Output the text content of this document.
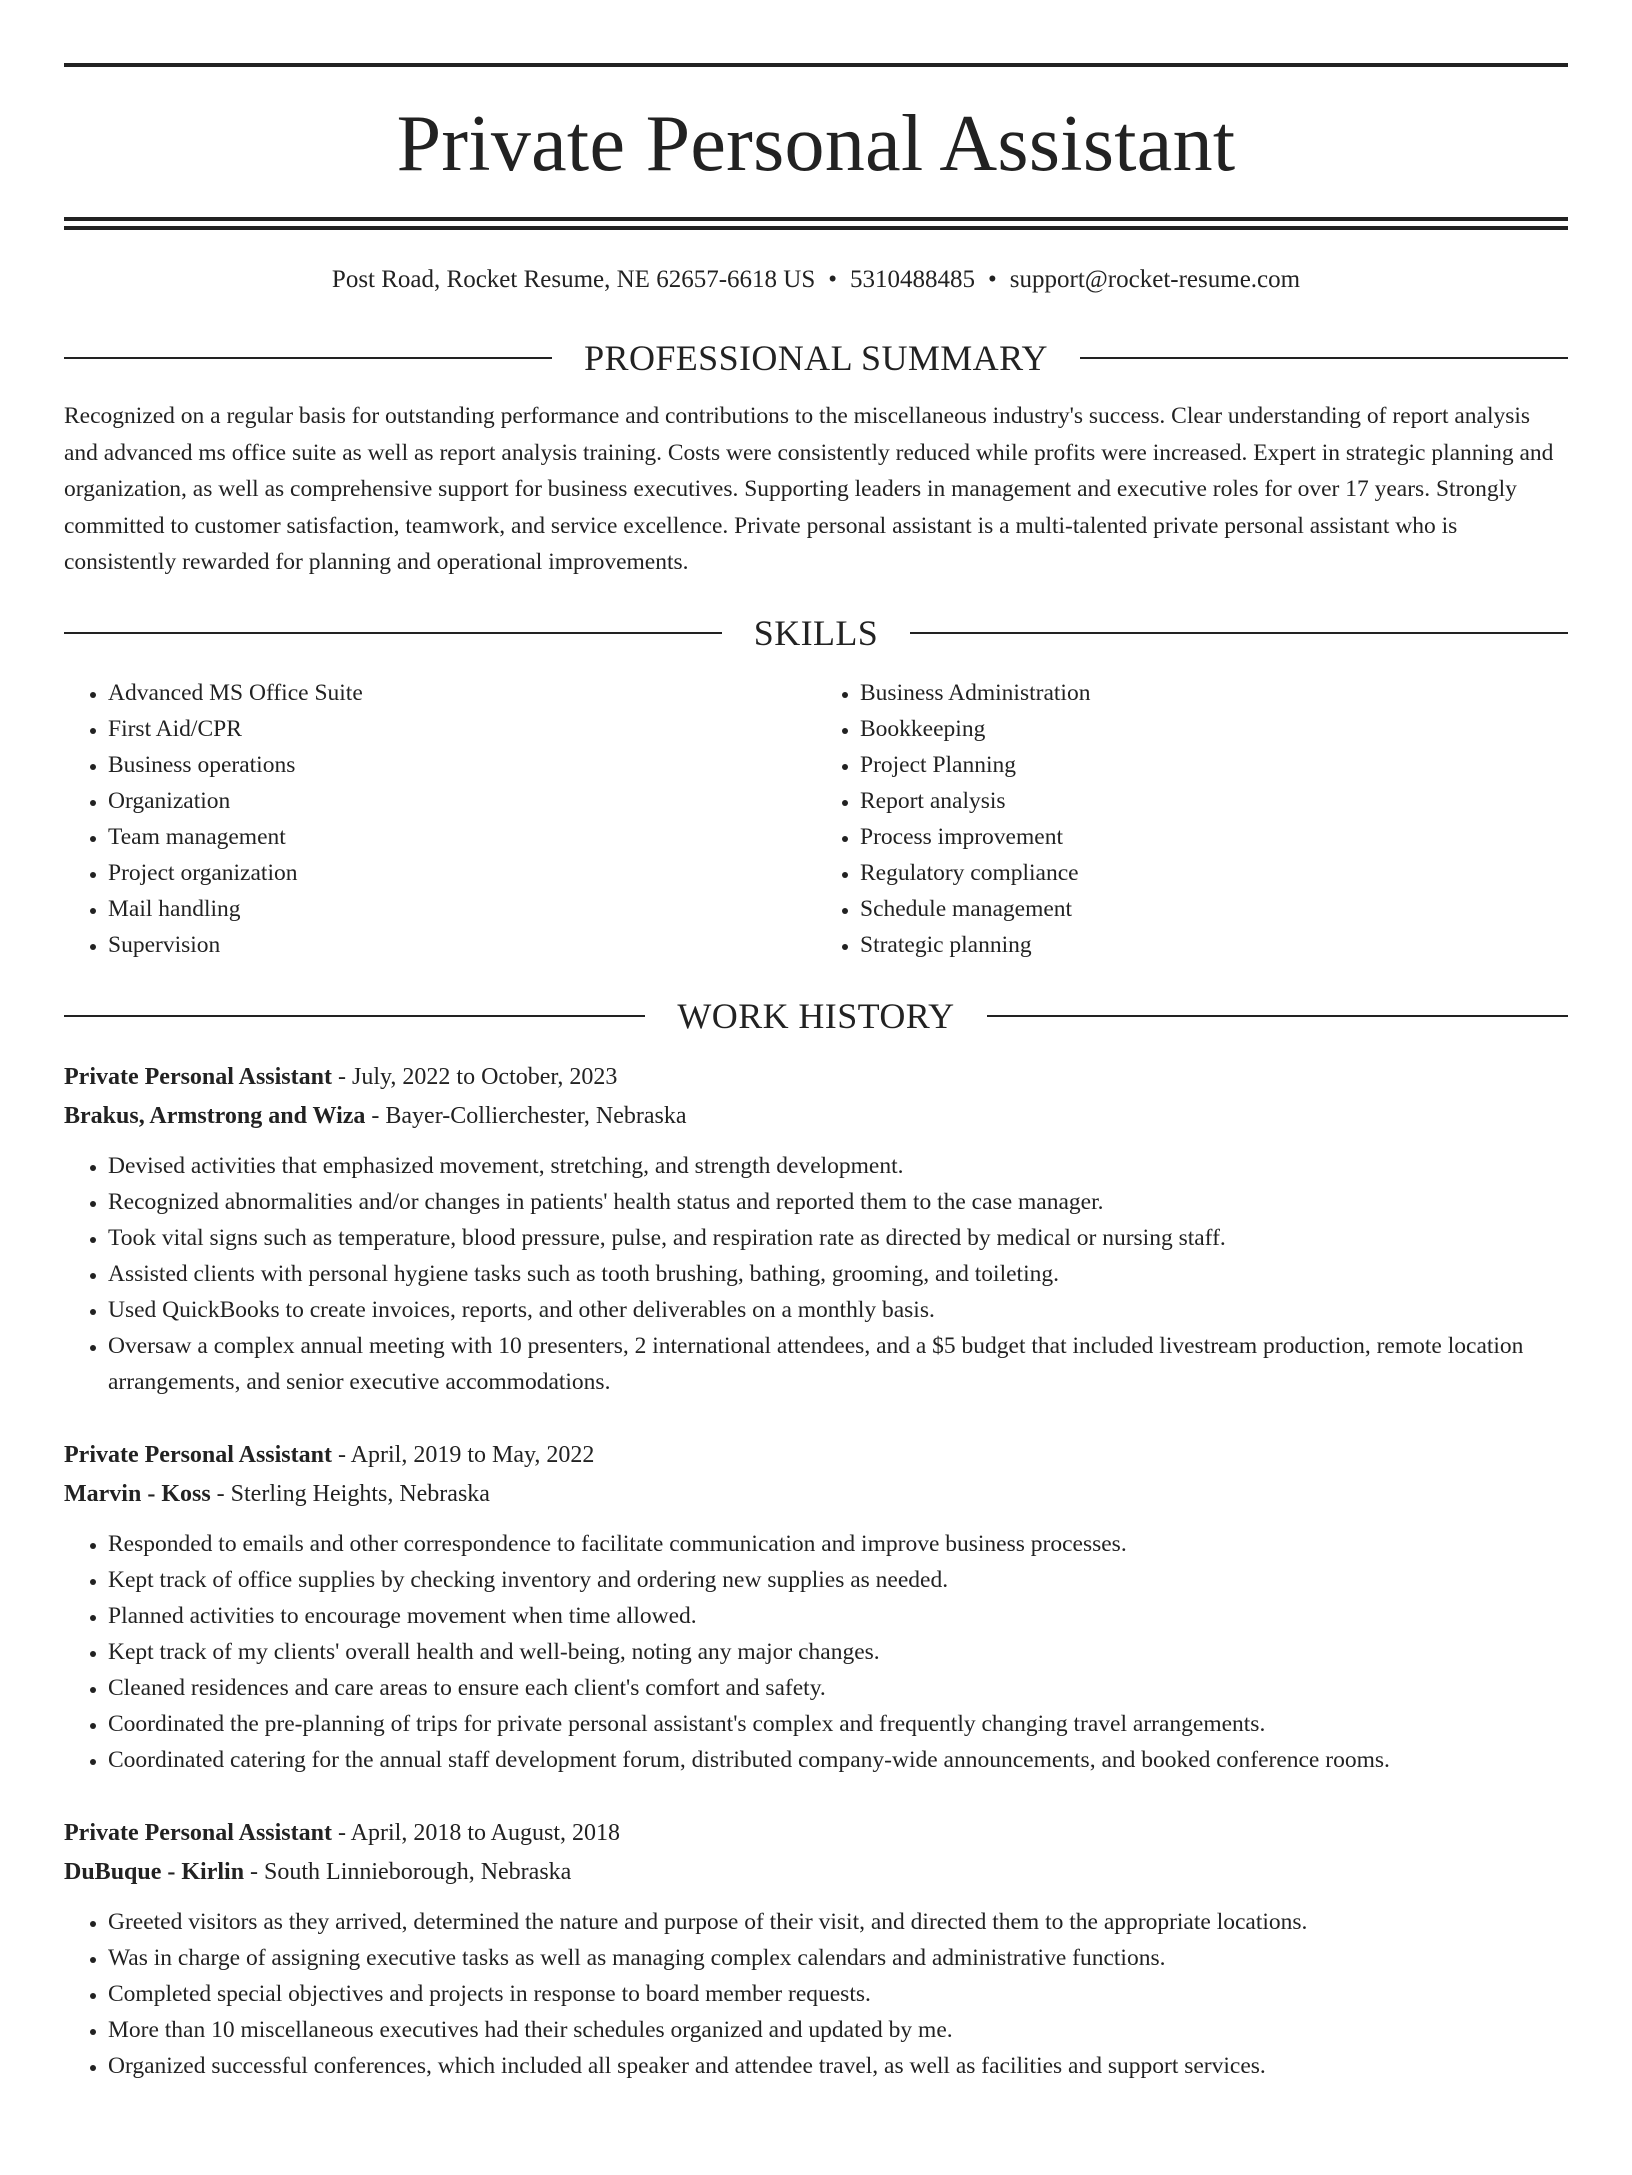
Private Personal Assistant
Post Road, Rocket Resume, NE 62657-6618 US • 5310488485 • support@rocket-resume.com
PROFESSIONAL SUMMARY

Recognized on a regular basis for outstanding performance and contributions to the miscellaneous industry's success. Clear understanding of report analysis and advanced ms office suite as well as report analysis training. Costs were consistently reduced while profits were increased. Expert in strategic planning and organization, as well as comprehensive support for business executives. Supporting leaders in management and executive roles for over 17 years. Strongly committed to customer satisfaction, teamwork, and service excellence. Private personal assistant is a multi-talented private personal assistant who is consistently rewarded for planning and operational improvements.

SKILLS
• Advanced MS Office Suite
• First Aid/CPR
• Business operations
• Organization
• Team management
• Project organization
• Mail handling
• Supervision
• Business Administration
• Bookkeeping
• Project Planning
• Report analysis
• Process improvement
• Regulatory compliance
• Schedule management
• Strategic planning
WORK HISTORY
Private Personal Assistant - July, 2022 to October, 2023
Brakus, Armstrong and Wiza - Bayer-Collierchester, Nebraska
• Devised activities that emphasized movement, stretching, and strength development.
• Recognized abnormalities and/or changes in patients' health status and reported them to the case manager.
• Took vital signs such as temperature, blood pressure, pulse, and respiration rate as directed by medical or nursing staff.
• Assisted clients with personal hygiene tasks such as tooth brushing, bathing, grooming, and toileting.
• Used QuickBooks to create invoices, reports, and other deliverables on a monthly basis.
• Oversaw a complex annual meeting with 10 presenters, 2 international attendees, and a $5 budget that included livestream production, remote location arrangements, and senior executive accommodations.
Private Personal Assistant - April, 2019 to May, 2022
Marvin - Koss - Sterling Heights, Nebraska
• Responded to emails and other correspondence to facilitate communication and improve business processes.
• Kept track of office supplies by checking inventory and ordering new supplies as needed.
• Planned activities to encourage movement when time allowed.
• Kept track of my clients' overall health and well-being, noting any major changes.
• Cleaned residences and care areas to ensure each client's comfort and safety.
• Coordinated the pre-planning of trips for private personal assistant's complex and frequently changing travel arrangements.
• Coordinated catering for the annual staff development forum, distributed company-wide announcements, and booked conference rooms.
Private Personal Assistant - April, 2018 to August, 2018
DuBuque - Kirlin - South Linnieborough, Nebraska
• Greeted visitors as they arrived, determined the nature and purpose of their visit, and directed them to the appropriate locations.
• Was in charge of assigning executive tasks as well as managing complex calendars and administrative functions.
• Completed special objectives and projects in response to board member requests.
• More than 10 miscellaneous executives had their schedules organized and updated by me.
• Organized successful conferences, which included all speaker and attendee travel, as well as facilities and support services.
